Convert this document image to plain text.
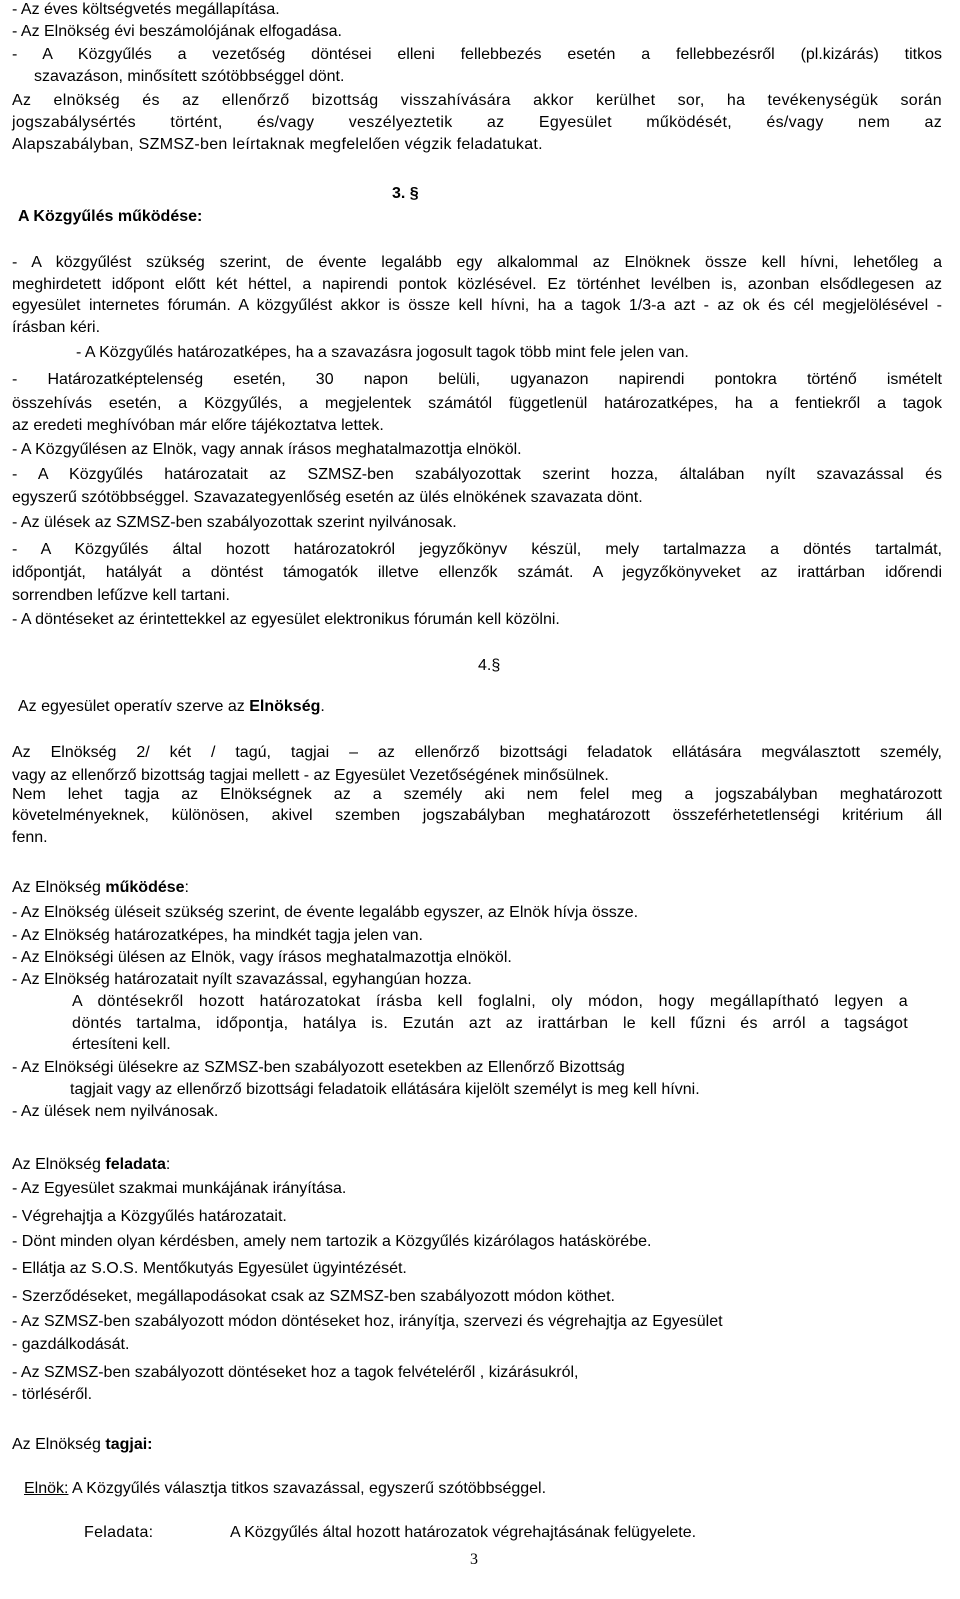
- Az éves költségvetés megállapítása.
- Az Elnökség évi beszámolójának elfogadása.
- A Közgyűlés a vezetőség döntései elleni fellebbezés esetén a fellebbezésről (pl.kizárás) titkos
szavazáson, minősített szótöbbséggel dönt.
Az elnökség és az ellenőrző bizottság visszahívására akkor kerülhet sor, ha tevékenységük során
jogszabálysértés történt, és/vagy veszélyeztetik az Egyesület működését, és/vagy nem az
Alapszabályban, SZMSZ-ben leírtaknak megfelelően végzik feladatukat.
3. §
A Közgyűlés működése:
- A közgyűlést szükség szerint, de évente legalább egy alkalommal az Elnöknek össze kell hívni, lehetőleg a
meghirdetett időpont előtt két héttel, a napirendi pontok közlésével. Ez történhet levélben is, azonban elsődlegesen az
egyesület internetes fórumán. A közgyűlést akkor is össze kell hívni, ha a tagok 1/3-a azt - az ok és cél megjelölésével -
írásban kéri.
- A Közgyűlés határozatképes, ha a szavazásra jogosult tagok több mint fele jelen van.
- Határozatképtelenség esetén, 30 napon belüli, ugyanazon napirendi pontokra történő ismételt
összehívás esetén, a Közgyűlés, a megjelentek számától függetlenül határozatképes, ha a fentiekről a tagok
az eredeti meghívóban már előre tájékoztatva lettek.
- A Közgyűlésen az Elnök, vagy annak írásos meghatalmazottja elnököl.
- A Közgyűlés határozatait az SZMSZ-ben szabályozottak szerint hozza, általában nyílt szavazással és
egyszerű szótöbbséggel. Szavazategyenlőség esetén az ülés elnökének szavazata dönt.
- Az ülések az SZMSZ-ben szabályozottak szerint nyilvánosak.
- A Közgyűlés által hozott határozatokról jegyzőkönyv készül, mely tartalmazza a döntés tartalmát,
időpontját, hatályát a döntést támogatók illetve ellenzők számát. A jegyzőkönyveket az irattárban időrendi
sorrendben lefűzve kell tartani.
- A döntéseket az érintettekkel az egyesület elektronikus fórumán kell közölni.
4.§
Az egyesület operatív szerve az Elnökség.
Az Elnökség 2/ két / tagú, tagjai – az ellenőrző bizottsági feladatok ellátására megválasztott személy,
vagy az ellenőrző bizottság tagjai mellett - az Egyesület Vezetőségének minősülnek.
Nem lehet tagja az Elnökségnek az a személy aki nem felel meg a jogszabályban meghatározott
követelményeknek, különösen, akivel szemben jogszabályban meghatározott összeférhetetlenségi kritérium áll
fenn.
Az Elnökség működése:
- Az Elnökség üléseit szükség szerint, de évente legalább egyszer, az Elnök hívja össze.
- Az Elnökség határozatképes, ha mindkét tagja jelen van.
- Az Elnökségi ülésen az Elnök, vagy írásos meghatalmazottja elnököl.
- Az Elnökség határozatait nyílt szavazással, egyhangúan hozza.
A döntésekről hozott határozatokat írásba kell foglalni, oly módon, hogy megállapítható legyen a
döntés tartalma, időpontja, hatálya is. Ezután azt az irattárban le kell fűzni és arról a tagságot
értesíteni kell.
- Az Elnökségi ülésekre az SZMSZ-ben szabályozott esetekben az Ellenőrző Bizottság
tagjait vagy az ellenőrző bizottsági feladatoik ellátására kijelölt személyt is meg kell hívni.
- Az ülések nem nyilvánosak.
Az Elnökség feladata:
- Az Egyesület szakmai munkájának irányítása.
- Végrehajtja a Közgyűlés határozatait.
- Dönt minden olyan kérdésben, amely nem tartozik a Közgyűlés kizárólagos hatáskörébe.
- Ellátja az S.O.S. Mentőkutyás Egyesület ügyintézését.
- Szerződéseket, megállapodásokat csak az SZMSZ-ben szabályozott módon köthet.
- Az SZMSZ-ben szabályozott módon döntéseket hoz, irányítja, szervezi és végrehajtja az Egyesület
- gazdálkodását.
- Az SZMSZ-ben szabályozott döntéseket hoz a tagok felvételéről , kizárásukról,
- törléséről.
Az Elnökség tagjai:
Elnök: A Közgyűlés választja titkos szavazással, egyszerű szótöbbséggel.
Feladata:	A Közgyűlés által hozott határozatok végrehajtásának felügyelete.
3
